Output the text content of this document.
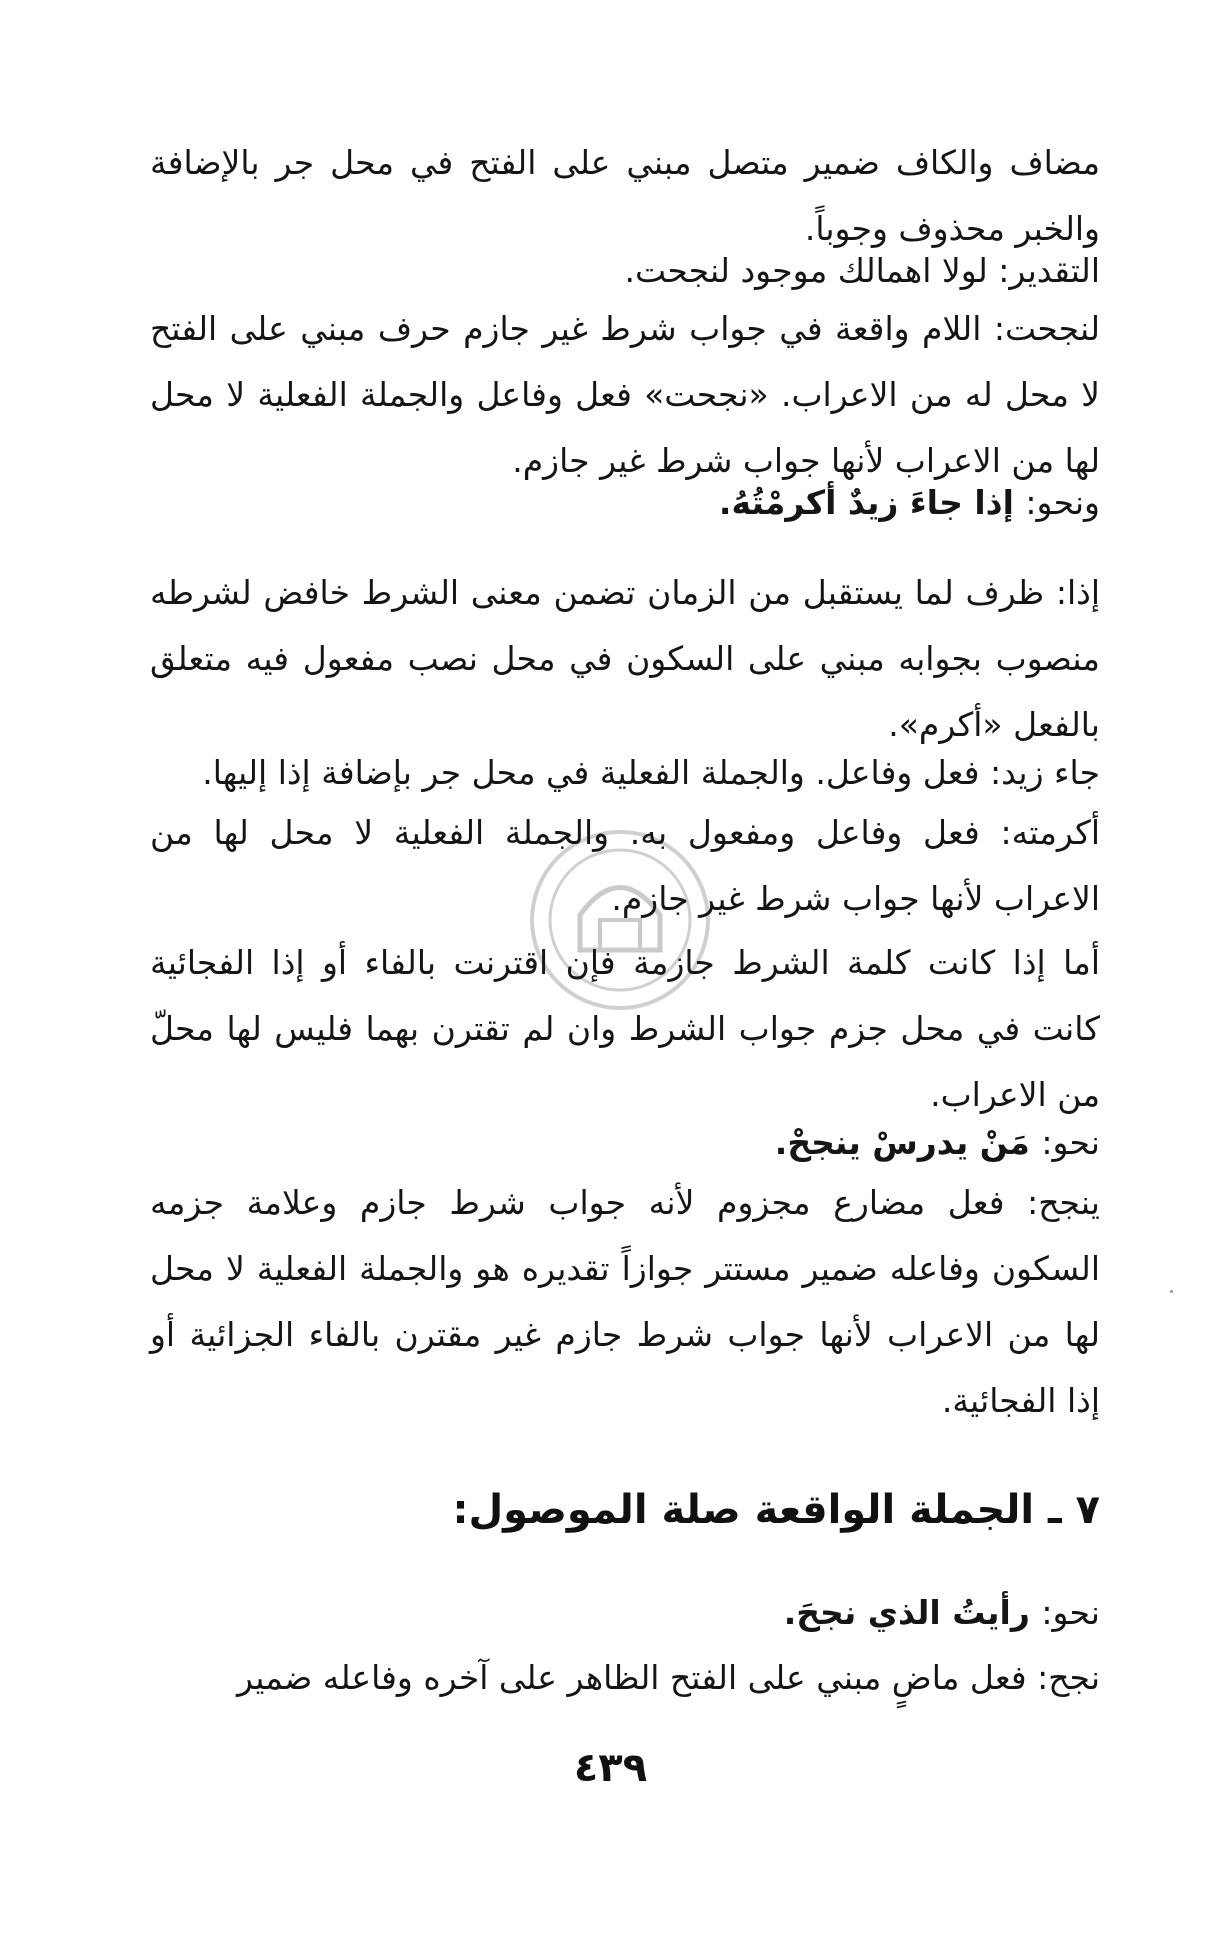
مضاف والكاف ضمير متصل مبني على الفتح في محل جر بالإضافة والخبر محذوف وجوباً.

التقدير: لولا اهمالك موجود لنجحت.

لنجحت: اللام واقعة في جواب شرط غير جازم حرف مبني على الفتح لا محل له من الاعراب. «نجحت» فعل وفاعل والجملة الفعلية لا محل لها من الاعراب لأنها جواب شرط غير جازم.

ونحو: إذا جاءَ زيدٌ أكرمْتُهُ.

إذا: ظرف لما يستقبل من الزمان تضمن معنى الشرط خافض لشرطه منصوب بجوابه مبني على السكون في محل نصب مفعول فيه متعلق بالفعل «أكرم».

جاء زيد: فعل وفاعل. والجملة الفعلية في محل جر بإضافة إذا إليها.

أكرمته: فعل وفاعل ومفعول به. والجملة الفعلية لا محل لها من الاعراب لأنها جواب شرط غير جازم.

أما إذا كانت كلمة الشرط جازمة فإن اقترنت بالفاء أو إذا الفجائية كانت في محل جزم جواب الشرط وان لم تقترن بهما فليس لها محلّ من الاعراب.

نحو: مَنْ يدرسْ ينجحْ.

ينجح: فعل مضارع مجزوم لأنه جواب شرط جازم وعلامة جزمه السكون وفاعله ضمير مستتر جوازاً تقديره هو والجملة الفعلية لا محل لها من الاعراب لأنها جواب شرط جازم غير مقترن بالفاء الجزائية أو إذا الفجائية.

٧ ـ الجملة الواقعة صلة الموصول:

نحو: رأيتُ الذي نجحَ.

نجح: فعل ماضٍ مبني على الفتح الظاهر على آخره وفاعله ضمير

٤٣٩
